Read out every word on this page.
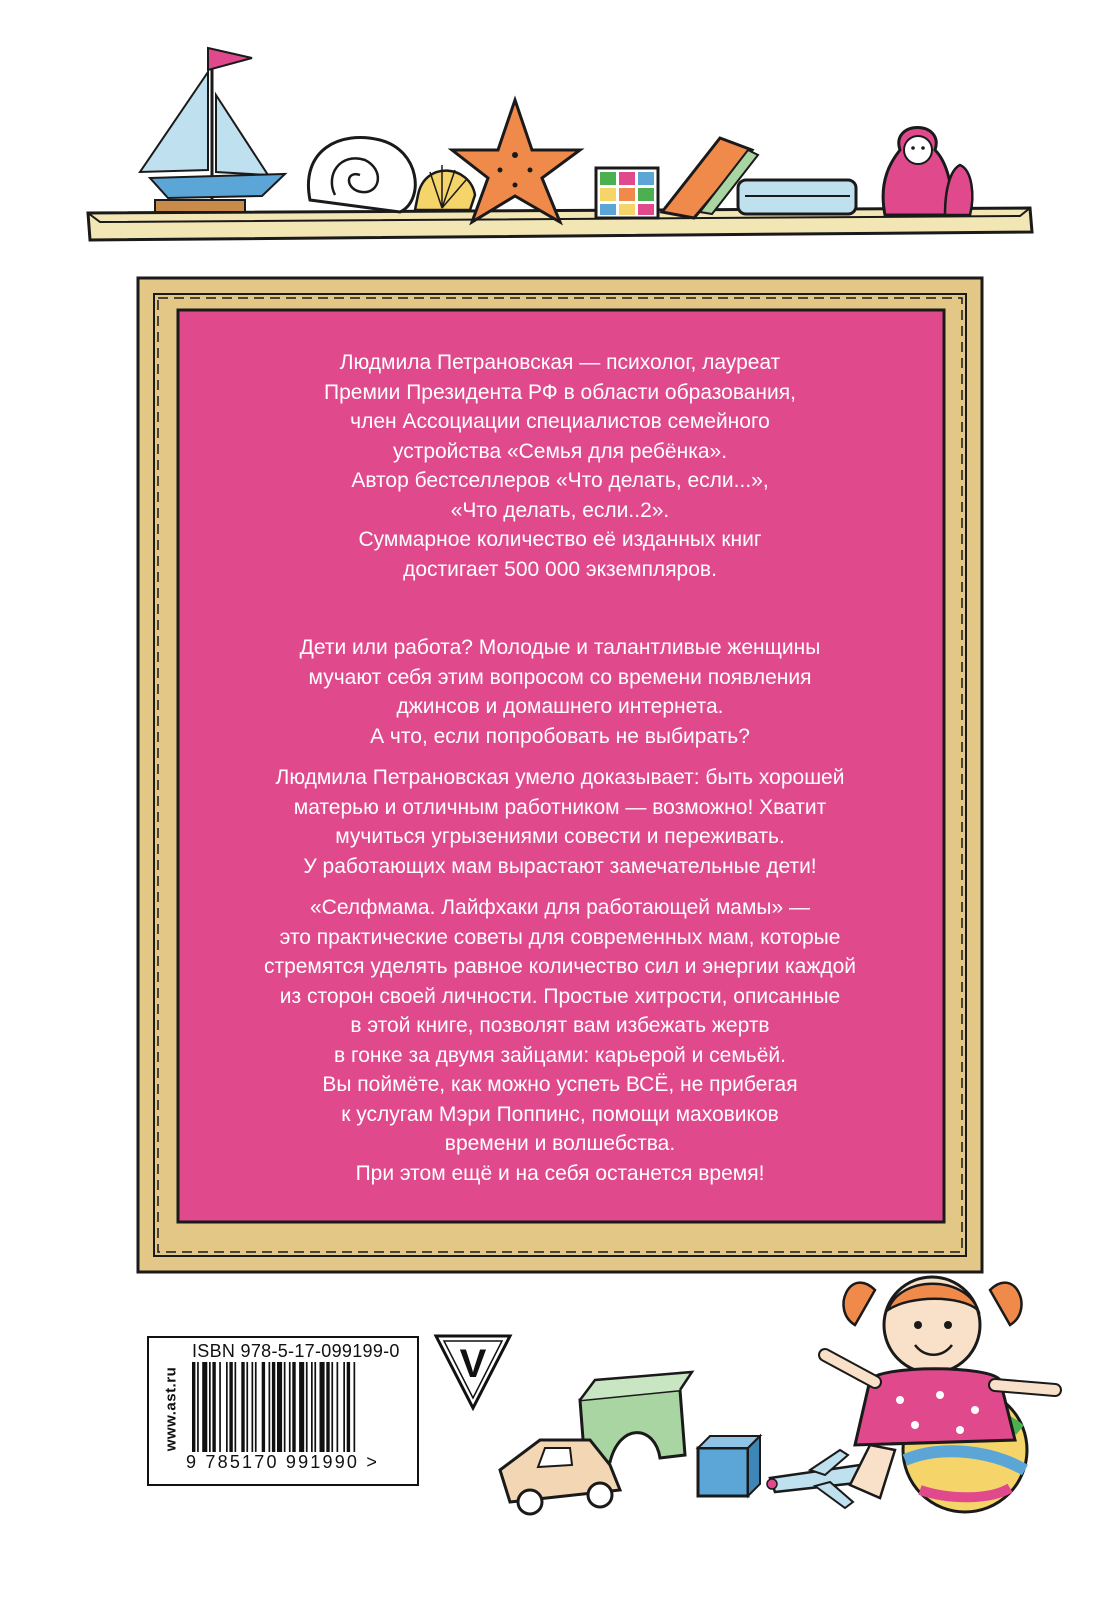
Людмила Петрановская — психолог, лауреат

Премии Президента РФ в области образования,

член Ассоциации специалистов семейного

устройства «Семья для ребёнка».

Автор бестселлеров «Что делать, если...»,

«Что делать, если..2».

Суммарное количество её изданных книг

достигает 500 000 экземпляров.

Дети или работа? Молодые и талантливые женщины

мучают себя этим вопросом со времени появления

джинсов и домашнего интернета.

А что, если попробовать не выбирать?

Людмила Петрановская умело доказывает: быть хорошей

матерью и отличным работником — возможно! Хватит

мучиться угрызениями совести и переживать.

У работающих мам вырастают замечательные дети!

«Селфмама. Лайфхаки для работающей мамы» —

это практические советы для современных мам, которые

стремятся уделять равное количество сил и энергии каждой

из сторон своей личности. Простые хитрости, описанные

в этой книге, позволят вам избежать жертв

в гонке за двумя зайцами: карьерой и семьёй.

Вы поймёте, как можно успеть ВСЁ, не прибегая

к услугам Мэри Поппинс, помощи маховиков

времени и волшебства.

При этом ещё и на себя останется время!

www.ast.ru
ISBN 978-5-17-099199-0
9 785170 991990 >
V
